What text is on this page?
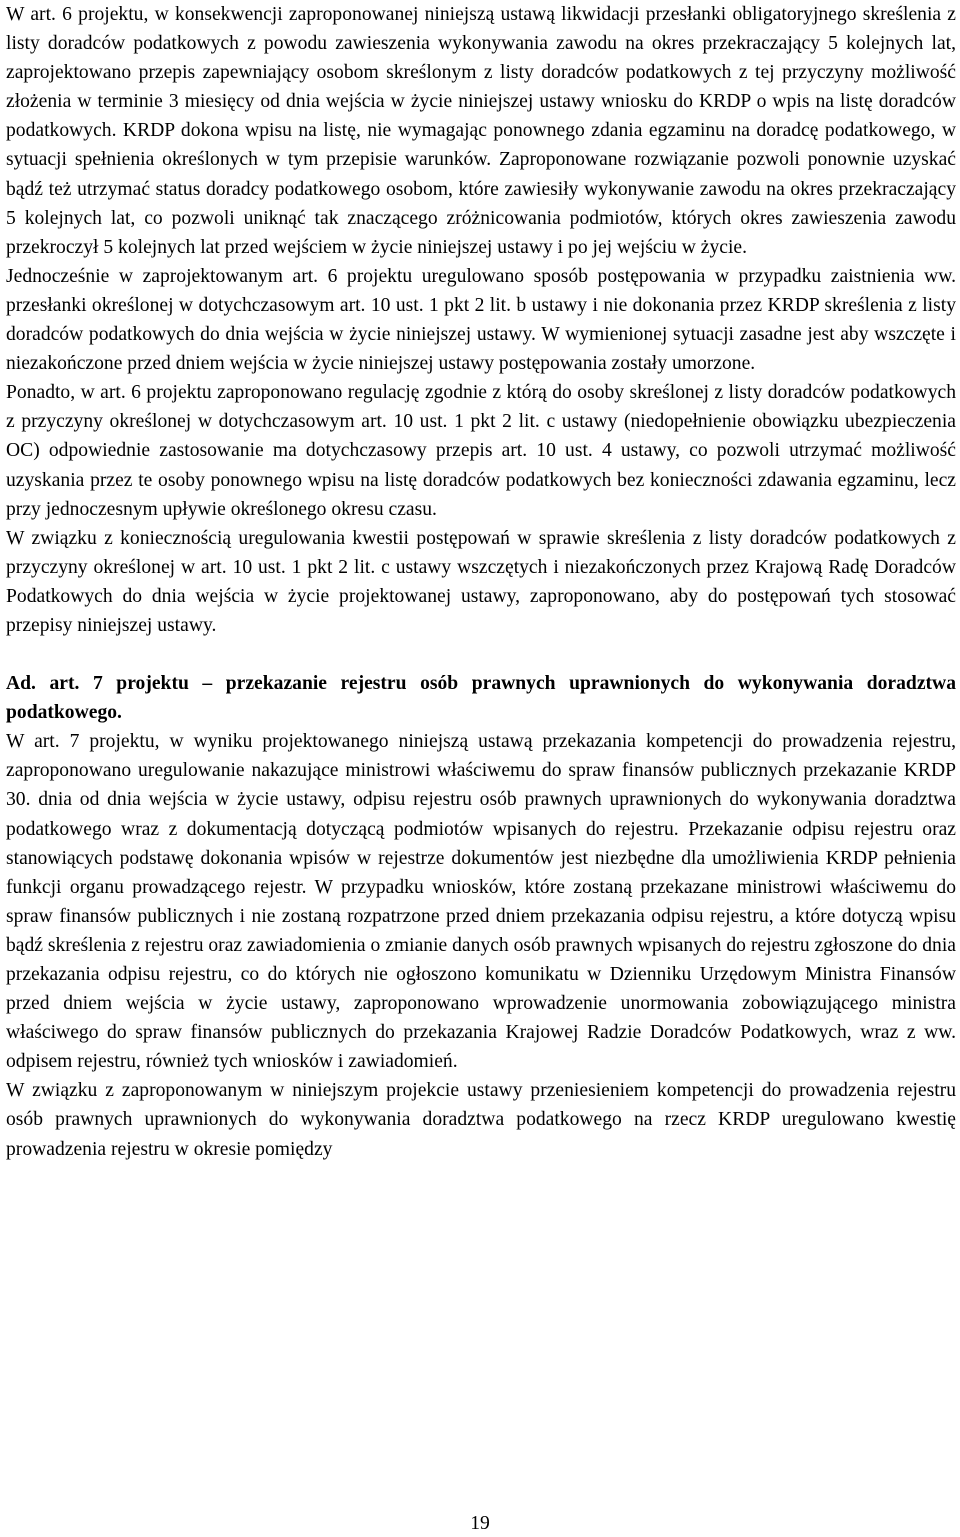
W art. 6 projektu, w konsekwencji zaproponowanej niniejszą ustawą likwidacji przesłanki obligatoryjnego skreślenia z listy doradców podatkowych z powodu zawieszenia wykonywania zawodu na okres przekraczający 5 kolejnych lat, zaprojektowano przepis zapewniający osobom skreślonym z listy doradców podatkowych z tej przyczyny możliwość złożenia w terminie 3 miesięcy od dnia wejścia w życie niniejszej ustawy wniosku do KRDP o wpis na listę doradców podatkowych. KRDP dokona wpisu na listę, nie wymagając ponownego zdania egzaminu na doradcę podatkowego, w sytuacji spełnienia określonych w tym przepisie warunków. Zaproponowane rozwiązanie pozwoli ponownie uzyskać bądź też utrzymać status doradcy podatkowego osobom, które zawiesiły wykonywanie zawodu na okres przekraczający 5 kolejnych lat, co pozwoli uniknąć tak znaczącego zróżnicowania podmiotów, których okres zawieszenia zawodu przekroczył 5 kolejnych lat przed wejściem w życie niniejszej ustawy i po jej wejściu w życie.

Jednocześnie w zaprojektowanym art. 6 projektu uregulowano sposób postępowania w przypadku zaistnienia ww. przesłanki określonej w dotychczasowym art. 10 ust. 1 pkt 2 lit. b ustawy i nie dokonania przez KRDP skreślenia z listy doradców podatkowych do dnia wejścia w życie niniejszej ustawy. W wymienionej sytuacji zasadne jest aby wszczęte i niezakończone przed dniem wejścia w życie niniejszej ustawy postępowania zostały umorzone.

Ponadto, w art. 6 projektu zaproponowano regulację zgodnie z którą do osoby skreślonej z listy doradców podatkowych z przyczyny określonej w dotychczasowym art. 10 ust. 1 pkt 2 lit. c ustawy (niedopełnienie obowiązku ubezpieczenia OC) odpowiednie zastosowanie ma dotychczasowy przepis art. 10 ust. 4 ustawy, co pozwoli utrzymać możliwość uzyskania przez te osoby ponownego wpisu na listę doradców podatkowych bez konieczności zdawania egzaminu, lecz przy jednoczesnym upływie określonego okresu czasu.

W związku z koniecznością uregulowania kwestii postępowań w sprawie skreślenia z listy doradców podatkowych z przyczyny określonej w art. 10 ust. 1 pkt 2 lit. c ustawy wszczętych i niezakończonych przez Krajową Radę Doradców Podatkowych do dnia wejścia w życie projektowanej ustawy, zaproponowano, aby do postępowań tych stosować przepisy niniejszej ustawy.

Ad. art. 7 projektu – przekazanie rejestru osób prawnych uprawnionych do wykonywania doradztwa podatkowego.

W art. 7 projektu, w wyniku projektowanego niniejszą ustawą przekazania kompetencji do prowadzenia rejestru, zaproponowano uregulowanie nakazujące ministrowi właściwemu do spraw finansów publicznych przekazanie KRDP 30. dnia od dnia wejścia w życie ustawy, odpisu rejestru osób prawnych uprawnionych do wykonywania doradztwa podatkowego wraz z dokumentacją dotyczącą podmiotów wpisanych do rejestru. Przekazanie odpisu rejestru oraz stanowiących podstawę dokonania wpisów w rejestrze dokumentów jest niezbędne dla umożliwienia KRDP pełnienia funkcji organu prowadzącego rejestr. W przypadku wniosków, które zostaną przekazane ministrowi właściwemu do spraw finansów publicznych i nie zostaną rozpatrzone przed dniem przekazania odpisu rejestru, a które dotyczą wpisu bądź skreślenia z rejestru oraz zawiadomienia o zmianie danych osób prawnych wpisanych do rejestru zgłoszone do dnia przekazania odpisu rejestru, co do których nie ogłoszono komunikatu w Dzienniku Urzędowym Ministra Finansów przed dniem wejścia w życie ustawy, zaproponowano wprowadzenie unormowania zobowiązującego ministra właściwego do spraw finansów publicznych do przekazania Krajowej Radzie Doradców Podatkowych, wraz z ww. odpisem rejestru, również tych wniosków i zawiadomień.

W związku z zaproponowanym w niniejszym projekcie ustawy przeniesieniem kompetencji do prowadzenia rejestru osób prawnych uprawnionych do wykonywania doradztwa podatkowego na rzecz KRDP uregulowano kwestię prowadzenia rejestru w okresie pomiędzy

19
